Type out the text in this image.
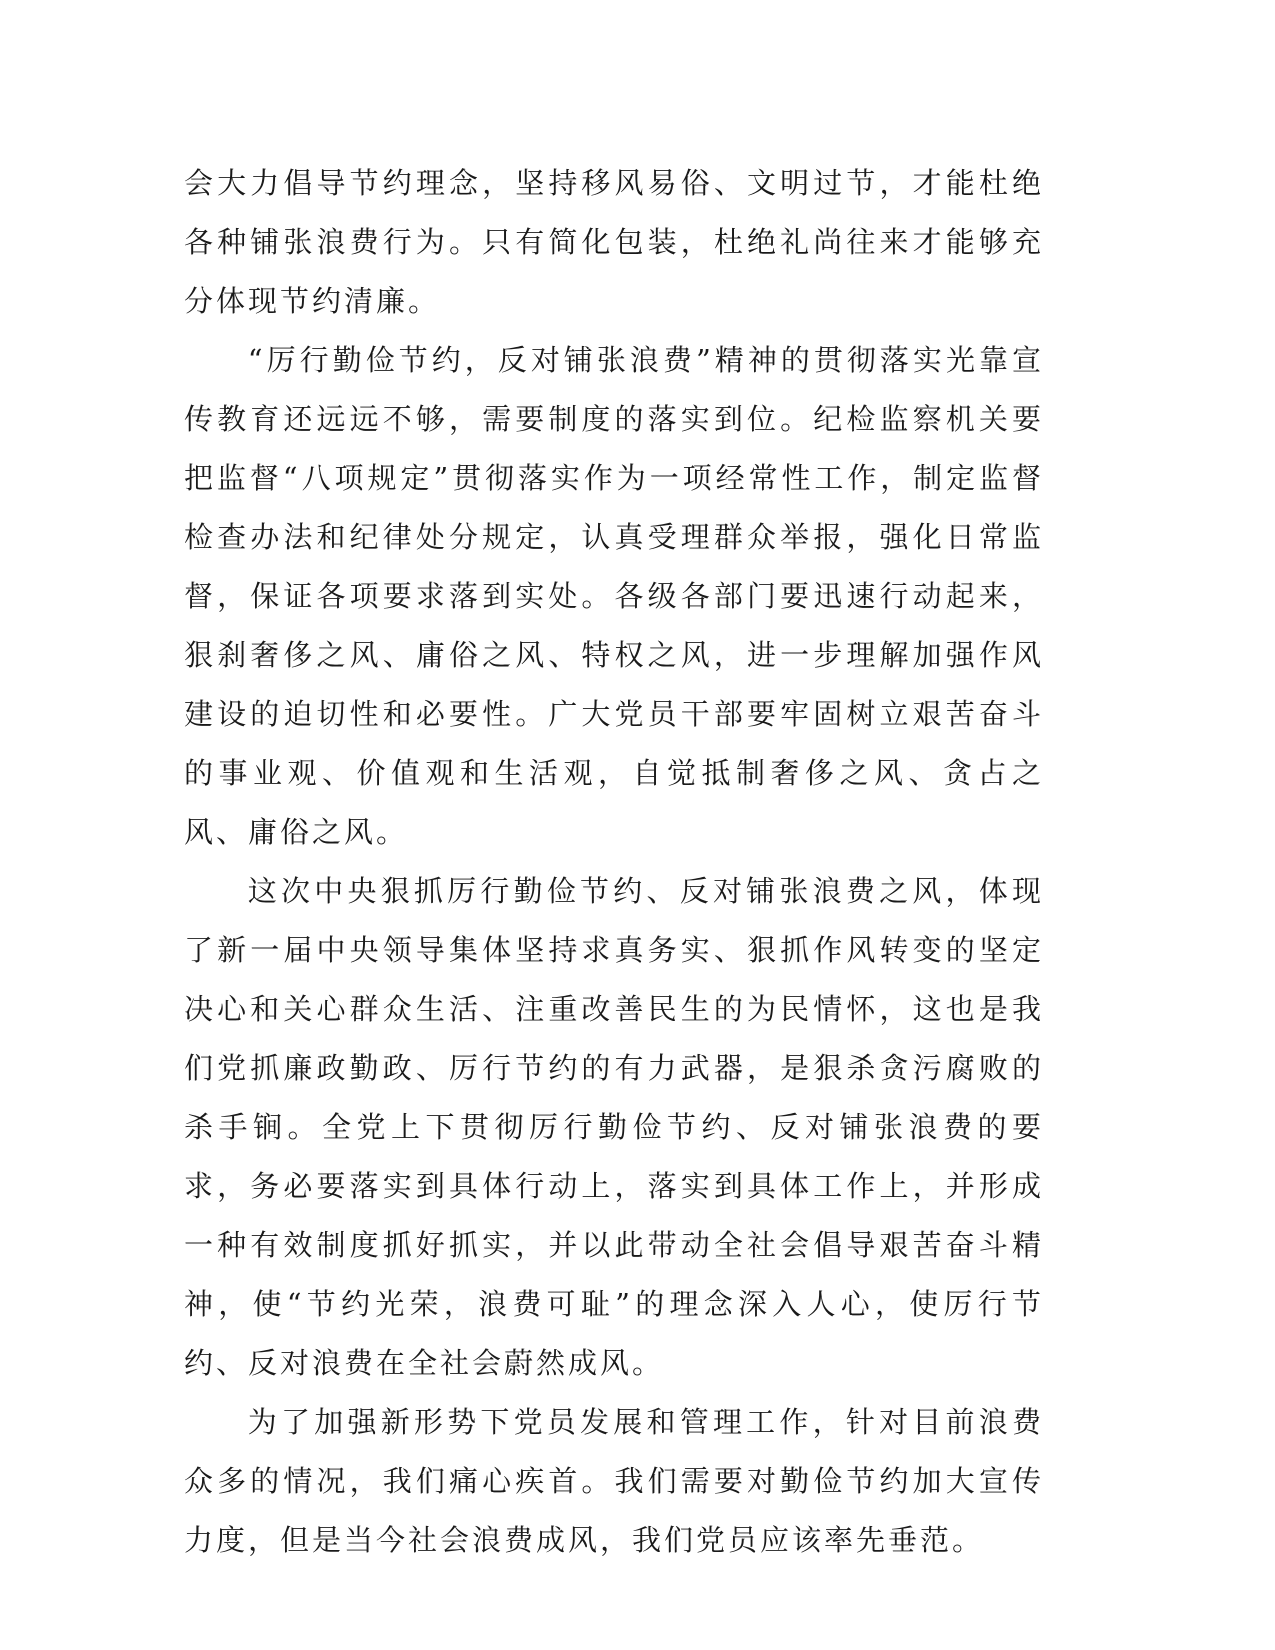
会大力倡导节约理念，坚持移风易俗、文明过节，才能杜绝各种铺张浪费行为。只有简化包装，杜绝礼尚往来才能够充分体现节约清廉。

“厉行勤俭节约，反对铺张浪费”精神的贯彻落实光靠宣传教育还远远不够，需要制度的落实到位。纪检监察机关要把监督“八项规定”贯彻落实作为一项经常性工作，制定监督检查办法和纪律处分规定，认真受理群众举报，强化日常监督，保证各项要求落到实处。各级各部门要迅速行动起来，狠刹奢侈之风、庸俗之风、特权之风，进一步理解加强作风建设的迫切性和必要性。广大党员干部要牢固树立艰苦奋斗的事业观、价值观和生活观，自觉抵制奢侈之风、贪占之风、庸俗之风。

这次中央狠抓厉行勤俭节约、反对铺张浪费之风，体现了新一届中央领导集体坚持求真务实、狠抓作风转变的坚定决心和关心群众生活、注重改善民生的为民情怀，这也是我们党抓廉政勤政、厉行节约的有力武器，是狠杀贪污腐败的杀手锏。全党上下贯彻厉行勤俭节约、反对铺张浪费的要求，务必要落实到具体行动上，落实到具体工作上，并形成一种有效制度抓好抓实，并以此带动全社会倡导艰苦奋斗精神，使“节约光荣，浪费可耻”的理念深入人心，使厉行节约、反对浪费在全社会蔚然成风。

为了加强新形势下党员发展和管理工作，针对目前浪费众多的情况，我们痛心疾首。我们需要对勤俭节约加大宣传力度，但是当今社会浪费成风，我们党员应该率先垂范。
